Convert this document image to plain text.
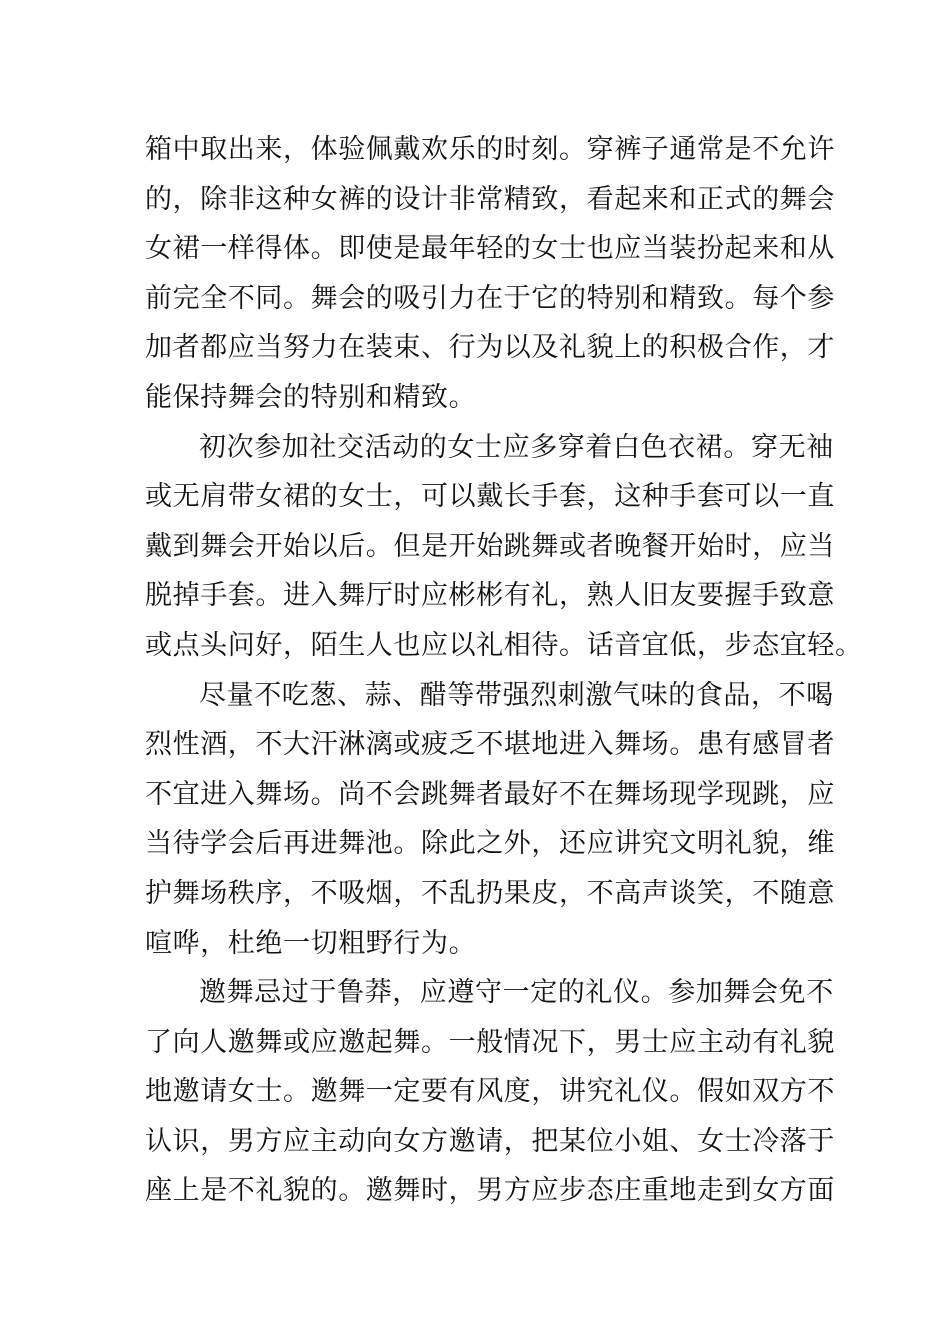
箱中取出来，体验佩戴欢乐的时刻。穿裤子通常是不允许
的，除非这种女裤的设计非常精致，看起来和正式的舞会
女裙一样得体。即使是最年轻的女士也应当装扮起来和从
前完全不同。舞会的吸引力在于它的特别和精致。每个参
加者都应当努力在装束、行为以及礼貌上的积极合作，才
能保持舞会的特别和精致。
初次参加社交活动的女士应多穿着白色衣裙。穿无袖
或无肩带女裙的女士，可以戴长手套，这种手套可以一直
戴到舞会开始以后。但是开始跳舞或者晚餐开始时，应当
脱掉手套。进入舞厅时应彬彬有礼，熟人旧友要握手致意
或点头问好，陌生人也应以礼相待。话音宜低，步态宜轻。
尽量不吃葱、蒜、醋等带强烈刺激气味的食品，不喝
烈性酒，不大汗淋漓或疲乏不堪地进入舞场。患有感冒者
不宜进入舞场。尚不会跳舞者最好不在舞场现学现跳，应
当待学会后再进舞池。除此之外，还应讲究文明礼貌，维
护舞场秩序，不吸烟，不乱扔果皮，不高声谈笑，不随意
喧哗，杜绝一切粗野行为。
邀舞忌过于鲁莽，应遵守一定的礼仪。参加舞会免不
了向人邀舞或应邀起舞。一般情况下，男士应主动有礼貌
地邀请女士。邀舞一定要有风度，讲究礼仪。假如双方不
认识，男方应主动向女方邀请，把某位小姐、女士冷落于
座上是不礼貌的。邀舞时，男方应步态庄重地走到女方面
